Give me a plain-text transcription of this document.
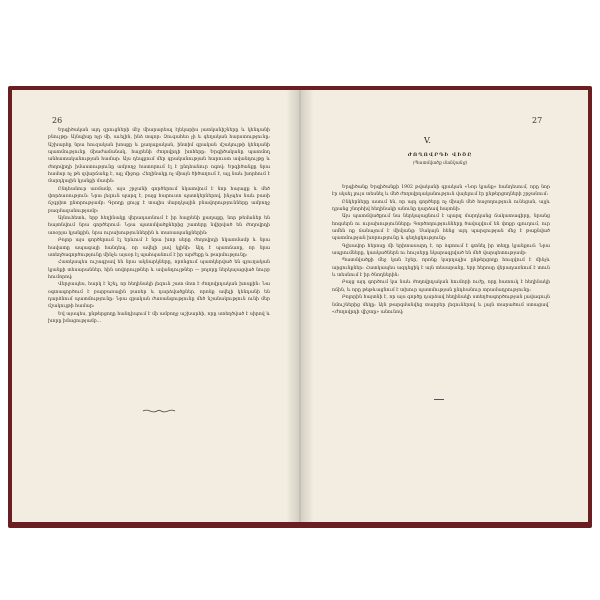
26	27

Երգիծական այդ զրուցների մէջ միարարեալ էլեկարիս յատկանիշները և կենդանի բնույթը։ Այնպիսը ոչր մի, աւելին, ինձ տպոր։ Զուգահեռ չի և գեղական հարստությունը։ Աշխարհը նրա հուզական խոսքը և քաղաքական, ինտիմ գրական մշակույթի կենդանի պատմությունը միաժամանակ, հայրենի ժողովրդի խոհերը։ Երգիծականը պատմող անհատականության համար։ Այս դեպքում մեր գրականության հարուստ ավանդույթը և ժողովրդի իմաստությունը ամբողջ հատորում էլ է ընդհանուր ոգով։ Երգիծանքը նրա համար ոչ թե զվարճանք է, այլ միջոց։ Հեղինակը ոչ միայն ծիծաղում է, այլ նաև խորհում է մարդկային կյանքի մասին։

Ընդհանուր առմամբ, այս շրջանի գործերում նկատվում է նոր հայացք և մեծ փորձառություն։ Նրա լեզուն պարզ է, բայց հարուստ պատկերներով, ինչպես նաև բառի ճշգրիտ ընտրությամբ։ Գրողը ցույց է տալիս մարդկային բնավորությունները ամբողջ բազմազանությամբ։

Այնուհետև, երբ հեղինակը վերադառնում է իր հայրենի քաղաքը, նոր թեմաներ են հայտնվում նրա գործերում։ Նրա պատմվածքներից շատերը նվիրված են ժողովրդի առօրյա կյանքին, նրա ուրախություններին և տառապանքներին։

Բոլոր այս գործերում էլ երևում է նրա խոր սերը ժողովրդի նկատմամբ և նրա հավատը ապագայի հանդեպ, որ ավելի լավ կլինի։ Այդ է պատճառը, որ նրա ստեղծագործությունը մինչև այսօր էլ պահպանում է իր արժեքը և թարմությունը։

Հատկապես ուշագրավ են նրա ակնարկները, որոնցում պատկերված են գյուղական կյանքի տեսարաններ, հին սովորույթներ և ավանդույթներ — բոլորը ներկայացված նուրբ հումորով։

Վերջապես, հարկ է նշել, որ հեղինակի լեզուն շատ մոտ է ժողովրդական խոսքին։ Նա օգտագործում է բարբառային բառեր և դարձվածքներ, որոնք ավելի կենդանի են դարձնում պատմությունը։ Նրա գրական ժառանգությունը մեծ նշանակություն ունի մեր մշակույթի համար։

Եվ այսպես, ընթերցողը հանդիպում է մի ամբողջ աշխարհի, որը ստեղծված է սիրով և խորը իմացությամբ...

V.
ԺՈՂՈՎՐԴԻ ՎԻՇԸ
(Պատմվածք մանկանց)

Երգիծանք Երգիծանքի 1902 թվականի գրական «Նոր կյանք» հանդեսում, որը նոր էր սկսել լույս տեսնել և մեծ ժողովրդականություն վայելում էր ընթերցողների շրջանում։

Ընկերները ասում են, որ այդ գործերը ոչ միայն մեծ հաջողություն ունեցան, այլև դրանց շնորհիվ հեղինակի անունը դարձավ հայտնի։

Այս պատմվածքում նա ներկայացնում է պարզ մարդկանց ճակատագիրը, նրանց հոգսերն ու ուրախությունները։ Գործողությունները ծավալվում են փոքր գյուղում, ուր ամեն ոք ճանաչում է միմյանց։ Սակայն հենց այդ պարզության մեջ է թաքնված պատմության խորությունը և գեղեցկությունը։

Գլխավոր հերոսը մի երիտասարդ է, որ ձգտում է գտնել իր տեղը կյանքում։ Նրա ապրումները, կասկածներն ու հույսերը նկարագրված են մեծ վարպետությամբ։

Պատմվածքի մեջ կան էջեր, որոնք կարդալիս ընթերցողը հուզվում է մինչև արցունքներ։ Հատկապես ազդեցիկ է այն տեսարանը, երբ հերոսը վերադառնում է տուն և տեսնում է իր ծնողներին։

Բայց այդ գործում կա նաև ժողովրդական հումորի ուժը, որը հատուկ է հեղինակի ոճին, և որը թեթևացնում է տխուր պատմության ընդհանուր տրամադրությունը։

Բոլորին հայտնի է, որ այս գործը դարձավ հեղինակի ստեղծագործության լավագույն նմուշներից մեկը։ Այն թարգմանվեց տարբեր լեզուներով և լայն տարածում ստացավ՝ «Ժողովրդի վիշտը» անունով։
